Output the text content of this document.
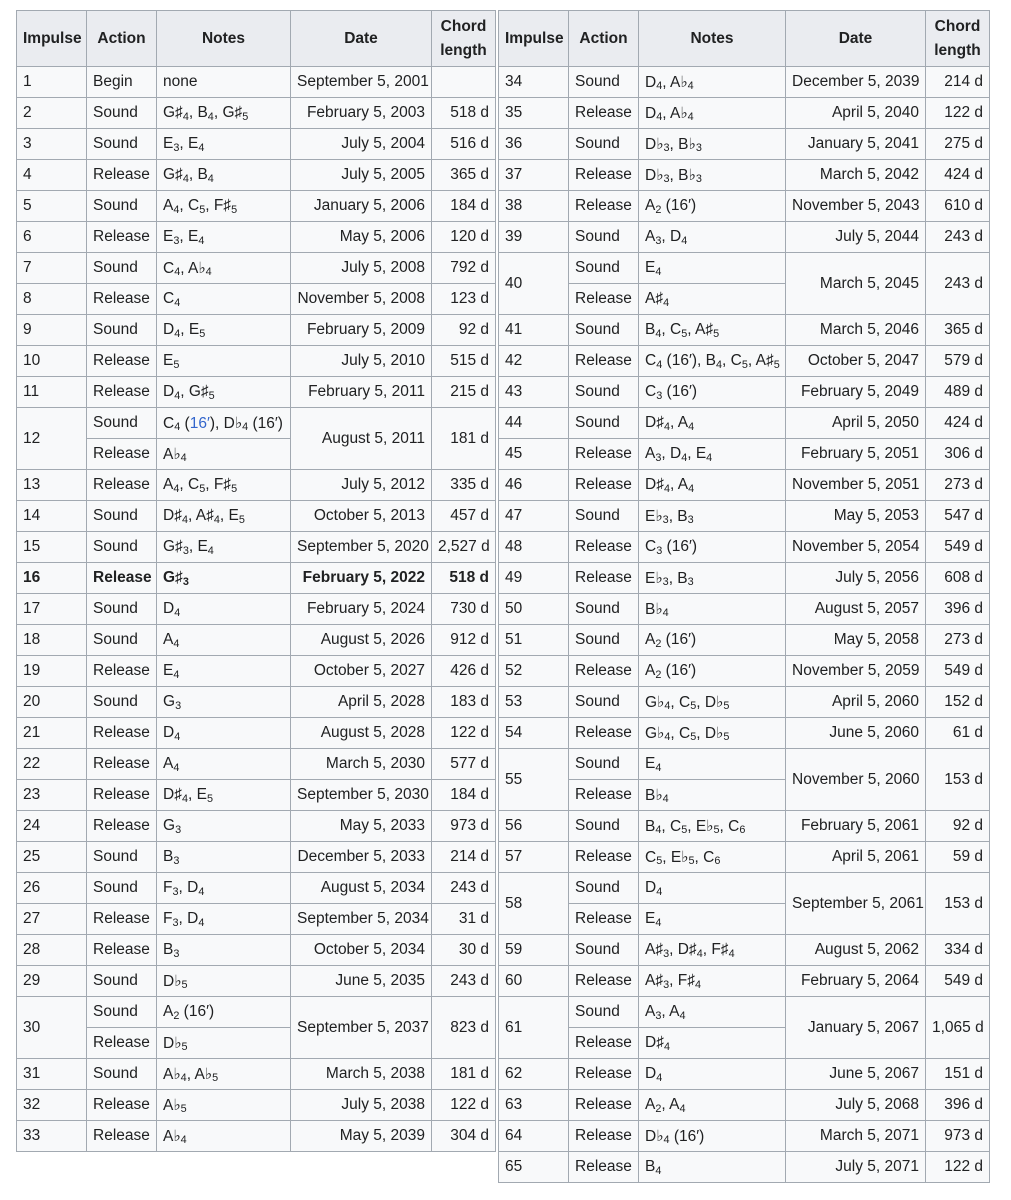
Impulse	Action	Notes	Date	Chord
length
1	Begin	none	September 5, 2001	
2	Sound	$G♯_4$, $B_4$, $G♯_5$	February 5, 2003	518 d
3	Sound	$E_3$, $E_4$	July 5, 2004	516 d
4	Release	$G♯_4$, $B_4$	July 5, 2005	365 d
5	Sound	$A_4$, $C_5$, $F♯_5$	January 5, 2006	184 d
6	Release	$E_3$, $E_4$	May 5, 2006	120 d
7	Sound	$C_4$, $A♭_4$	July 5, 2008	792 d
8	Release	$C_4$	November 5, 2008	123 d
9	Sound	$D_4$, $E_5$	February 5, 2009	92 d
10	Release	$E_5$	July 5, 2010	515 d
11	Release	$D_4$, $G♯_5$	February 5, 2011	215 d
12	Sound	$C_4$ (16′), $D♭_4$ (16′)	August 5, 2011	181 d
	Release	$A♭_4$
13	Release	$A_4$, $C_5$, $F♯_5$	July 5, 2012	335 d
14	Sound	$D♯_4$, $A♯_4$, $E_5$	October 5, 2013	457 d
15	Sound	$G♯_3$, $E_4$	September 5, 2020	2,527 d
16	Release	$G♯_3$	February 5, 2022	518 d
17	Sound	$D_4$	February 5, 2024	730 d
18	Sound	$A_4$	August 5, 2026	912 d
19	Release	$E_4$	October 5, 2027	426 d
20	Sound	$G_3$	April 5, 2028	183 d
21	Release	$D_4$	August 5, 2028	122 d
22	Release	$A_4$	March 5, 2030	577 d
23	Release	$D♯_4$, $E_5$	September 5, 2030	184 d
24	Release	$G_3$	May 5, 2033	973 d
25	Sound	$B_3$	December 5, 2033	214 d
26	Sound	$F_3$, $D_4$	August 5, 2034	243 d
27	Release	$F_3$, $D_4$	September 5, 2034	31 d
28	Release	$B_3$	October 5, 2034	30 d
29	Sound	$D♭_5$	June 5, 2035	243 d
30	Sound	$A_2$ (16′)	September 5, 2037	823 d
	Release	$D♭_5$
31	Sound	$A♭_4$, $A♭_5$	March 5, 2038	181 d
32	Release	$A♭_5$	July 5, 2038	122 d
33	Release	$A♭_4$	May 5, 2039	304 d
Impulse	Action	Notes	Date	Chord
length
34	Sound	$D_4$, $A♭_4$	December 5, 2039	214 d
35	Release	$D_4$, $A♭_4$	April 5, 2040	122 d
36	Sound	$D♭_3$, $B♭_3$	January 5, 2041	275 d
37	Release	$D♭_3$, $B♭_3$	March 5, 2042	424 d
38	Release	$A_2$ (16′)	November 5, 2043	610 d
39	Sound	$A_3$, $D_4$	July 5, 2044	243 d
40	Sound	$E_4$	March 5, 2045	243 d
	Release	$A♯_4$
41	Sound	$B_4$, $C_5$, $A♯_5$	March 5, 2046	365 d
42	Release	$C_4$ (16′), $B_4$, $C_5$, $A♯_5$	October 5, 2047	579 d
43	Sound	$C_3$ (16′)	February 5, 2049	489 d
44	Sound	$D♯_4$, $A_4$	April 5, 2050	424 d
45	Release	$A_3$, $D_4$, $E_4$	February 5, 2051	306 d
46	Release	$D♯_4$, $A_4$	November 5, 2051	273 d
47	Sound	$E♭_3$, $B_3$	May 5, 2053	547 d
48	Release	$C_3$ (16′)	November 5, 2054	549 d
49	Release	$E♭_3$, $B_3$	July 5, 2056	608 d
50	Sound	$B♭_4$	August 5, 2057	396 d
51	Sound	$A_2$ (16′)	May 5, 2058	273 d
52	Release	$A_2$ (16′)	November 5, 2059	549 d
53	Sound	$G♭_4$, $C_5$, $D♭_5$	April 5, 2060	152 d
54	Release	$G♭_4$, $C_5$, $D♭_5$	June 5, 2060	61 d
55	Sound	$E_4$	November 5, 2060	153 d
	Release	$B♭_4$
56	Sound	$B_4$, $C_5$, $E♭_5$, $C_6$	February 5, 2061	92 d
57	Release	$C_5$, $E♭_5$, $C_6$	April 5, 2061	59 d
58	Sound	$D_4$	September 5, 2061	153 d
	Release	$E_4$
59	Sound	$A♯_3$, $D♯_4$, $F♯_4$	August 5, 2062	334 d
60	Release	$A♯_3$, $F♯_4$	February 5, 2064	549 d
61	Sound	$A_3$, $A_4$	January 5, 2067	1,065 d
	Release	$D♯_4$
62	Release	$D_4$	June 5, 2067	151 d
63	Release	$A_2$, $A_4$	July 5, 2068	396 d
64	Release	$D♭_4$ (16′)	March 5, 2071	973 d
65	Release	$B_4$	July 5, 2071	122 d
